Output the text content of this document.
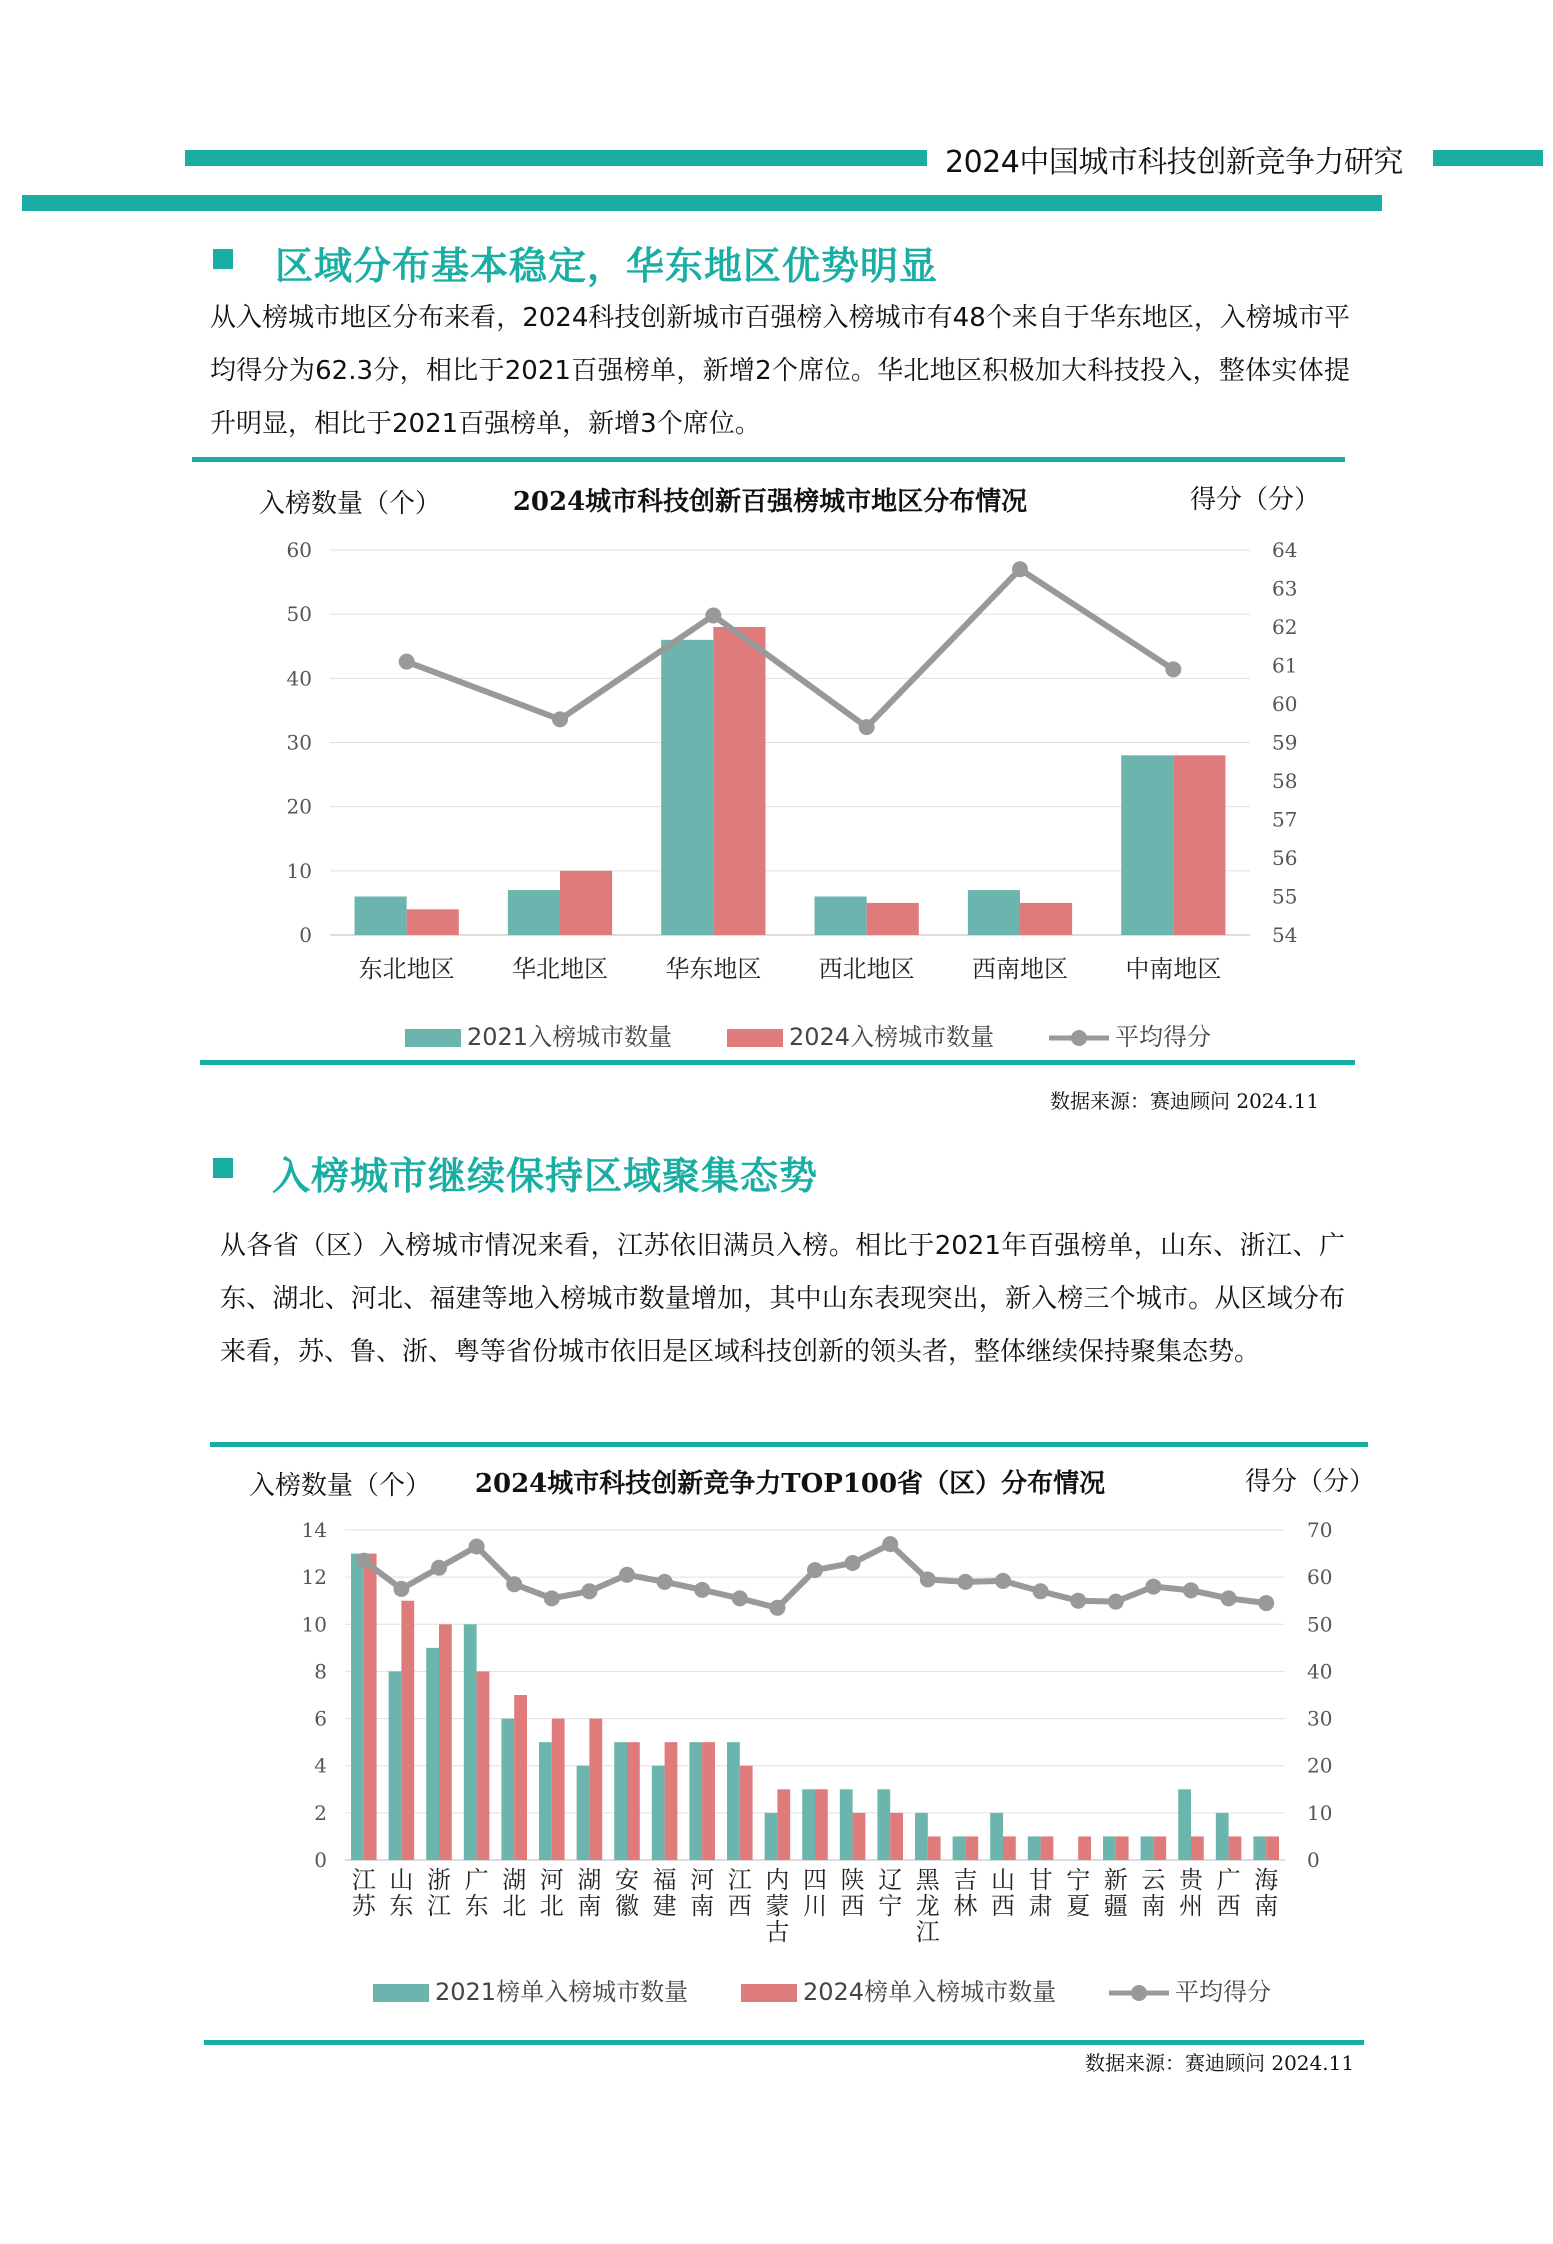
2024中国城市科技创新竞争力研究
区域分布基本稳定，华东地区优势明显
从入榜城市地区分布来看，2024科技创新城市百强榜入榜城市有48个来自于华东地区，入榜城市平均得分为62.3分，相比于2021百强榜单，新增2个席位。华北地区积极加大科技投入，整体实体提升明显，相比于2021百强榜单，新增3个席位。
2024城市科技创新百强榜城市地区分布情况
入榜数量（个）	得分（分）
0
10
20
30
40
50
60
54
55
56
57
58
59
60
61
62
63
64
东北地区 华北地区 华东地区 西北地区 西南地区 中南地区
2021入榜城市数量	2024入榜城市数量	平均得分
数据来源：赛迪顾问 2024.11
入榜城市继续保持区域聚集态势
从各省（区）入榜城市情况来看，江苏依旧满员入榜。相比于2021年百强榜单，山东、浙江、广东、湖北、河北、福建等地入榜城市数量增加，其中山东表现突出，新入榜三个城市。从区域分布来看，苏、鲁、浙、粤等省份城市依旧是区域科技创新的领头者，整体继续保持聚集态势。
2024城市科技创新竞争力TOP100省（区）分布情况
入榜数量（个）	得分（分）
0
2
4
6
8
10
12
14
0
10
20
30
40
50
60
70
江苏
山东
浙江
广东
湖北
河北
湖南
安徽
福建
河南
江西
内蒙古
四川
陕西
辽宁
黑龙江
吉林
山西
甘肃
宁夏
新疆
云南
贵州
广西
海南
2021榜单入榜城市数量	2024榜单入榜城市数量	平均得分
数据来源：赛迪顾问 2024.11
